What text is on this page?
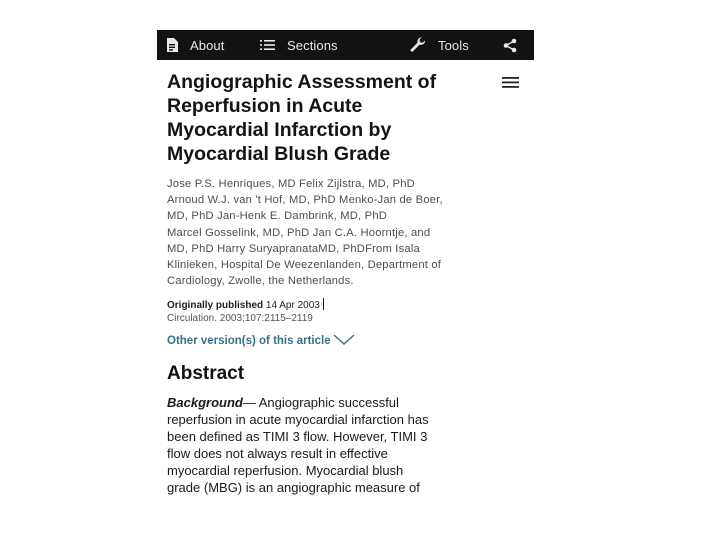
About	Sections	Tools
Angiographic Assessment of
Reperfusion in Acute
Myocardial Infarction by
Myocardial Blush Grade
Jose P.S. Henriques, MD Felix Zijlstra, MD, PhD
Arnoud W.J. van 't Hof, MD, PhD Menko-Jan de Boer,
MD, PhD Jan-Henk E. Dambrink, MD, PhD
Marcel Gosselink, MD, PhD Jan C.A. Hoorntje, and
MD, PhD Harry SuryapranataMD, PhDFrom Isala
Klinieken, Hospital De Weezenlanden, Department of
Cardiology, Zwolle, the Netherlands.
Originally published 14 Apr 2003
Circulation. 2003;107:2115–2119
Other version(s) of this article
Abstract
Background— Angiographic successful
reperfusion in acute myocardial infarction has
been defined as TIMI 3 flow. However, TIMI 3
flow does not always result in effective
myocardial reperfusion. Myocardial blush
grade (MBG) is an angiographic measure of
